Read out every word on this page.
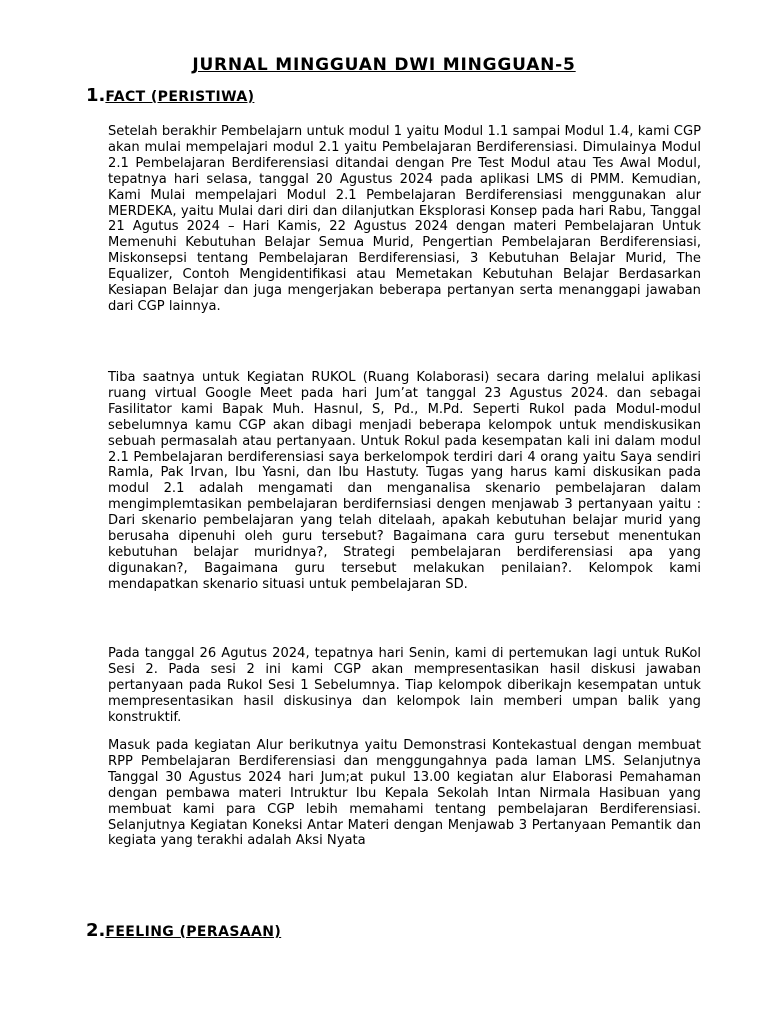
JURNAL MINGGUAN DWI MINGGUAN-5
1. FACT (PERISTIWA)

Setelah berakhir Pembelajarn untuk modul 1 yaitu Modul 1.1 sampai Modul 1.4, kami CGP akan mulai mempelajari modul 2.1 yaitu Pembelajaran Berdiferensiasi. Dimulainya Modul 2.1 Pembelajaran Berdiferensiasi ditandai dengan Pre Test Modul atau Tes Awal Modul, tepatnya hari selasa, tanggal 20 Agustus 2024 pada aplikasi LMS di PMM. Kemudian, Kami Mulai mempelajari Modul 2.1 Pembelajaran Berdiferensiasi menggunakan alur MERDEKA, yaitu Mulai dari diri dan dilanjutkan Eksplorasi Konsep pada hari Rabu, Tanggal 21 Agutus 2024 – Hari Kamis, 22 Agustus 2024 dengan materi Pembelajaran Untuk Memenuhi Kebutuhan Belajar Semua Murid, Pengertian Pembelajaran Berdiferensiasi, Miskonsepsi tentang Pembelajaran Berdiferensiasi, 3 Kebutuhan Belajar Murid, The Equalizer, Contoh Mengidentifikasi atau Memetakan Kebutuhan Belajar Berdasarkan Kesiapan Belajar dan juga mengerjakan beberapa pertanyan serta menanggapi jawaban dari CGP lainnya.

Tiba saatnya untuk Kegiatan RUKOL (Ruang Kolaborasi) secara daring melalui aplikasi ruang virtual Google Meet pada hari Jum’at tanggal 23 Agustus 2024. dan sebagai Fasilitator kami Bapak Muh. Hasnul, S, Pd., M.Pd. Seperti Rukol pada Modul-modul sebelumnya kamu CGP akan dibagi menjadi beberapa kelompok untuk mendiskusikan sebuah permasalah atau pertanyaan. Untuk Rokul pada kesempatan kali ini dalam modul 2.1 Pembelajaran berdiferensiasi saya berkelompok terdiri dari 4 orang yaitu Saya sendiri Ramla, Pak Irvan, Ibu Yasni, dan Ibu Hastuty. Tugas yang harus kami diskusikan pada modul 2.1 adalah mengamati dan menganalisa skenario pembelajaran dalam mengimplemtasikan pembelajaran berdifernsiasi dengen menjawab 3 pertanyaan yaitu : Dari skenario pembelajaran yang telah ditelaah, apakah kebutuhan belajar murid yang berusaha dipenuhi oleh guru tersebut? Bagaimana cara guru tersebut menentukan kebutuhan belajar muridnya?, Strategi pembelajaran berdiferensiasi apa yang digunakan?, Bagaimana guru tersebut melakukan penilaian?. Kelompok kami mendapatkan skenario situasi untuk pembelajaran SD.

Pada tanggal 26 Agutus 2024, tepatnya hari Senin, kami di pertemukan lagi untuk RuKol Sesi 2. Pada sesi 2 ini kami CGP akan mempresentasikan hasil diskusi jawaban pertanyaan pada Rukol Sesi 1 Sebelumnya. Tiap kelompok diberikajn kesempatan untuk mempresentasikan hasil diskusinya dan kelompok lain memberi umpan balik yang konstruktif.

Masuk pada kegiatan Alur berikutnya yaitu Demonstrasi Kontekastual dengan membuat RPP Pembelajaran Berdiferensiasi dan menggungahnya pada laman LMS. Selanjutnya Tanggal 30 Agustus 2024 hari Jum;at pukul 13.00 kegiatan alur Elaborasi Pemahaman dengan pembawa materi Intruktur Ibu Kepala Sekolah Intan Nirmala Hasibuan yang membuat kami para CGP lebih memahami tentang pembelajaran Berdiferensiasi. Selanjutnya Kegiatan Koneksi Antar Materi dengan Menjawab 3 Pertanyaan Pemantik dan kegiata yang terakhi adalah Aksi Nyata

2. FEELING (PERASAAN)
